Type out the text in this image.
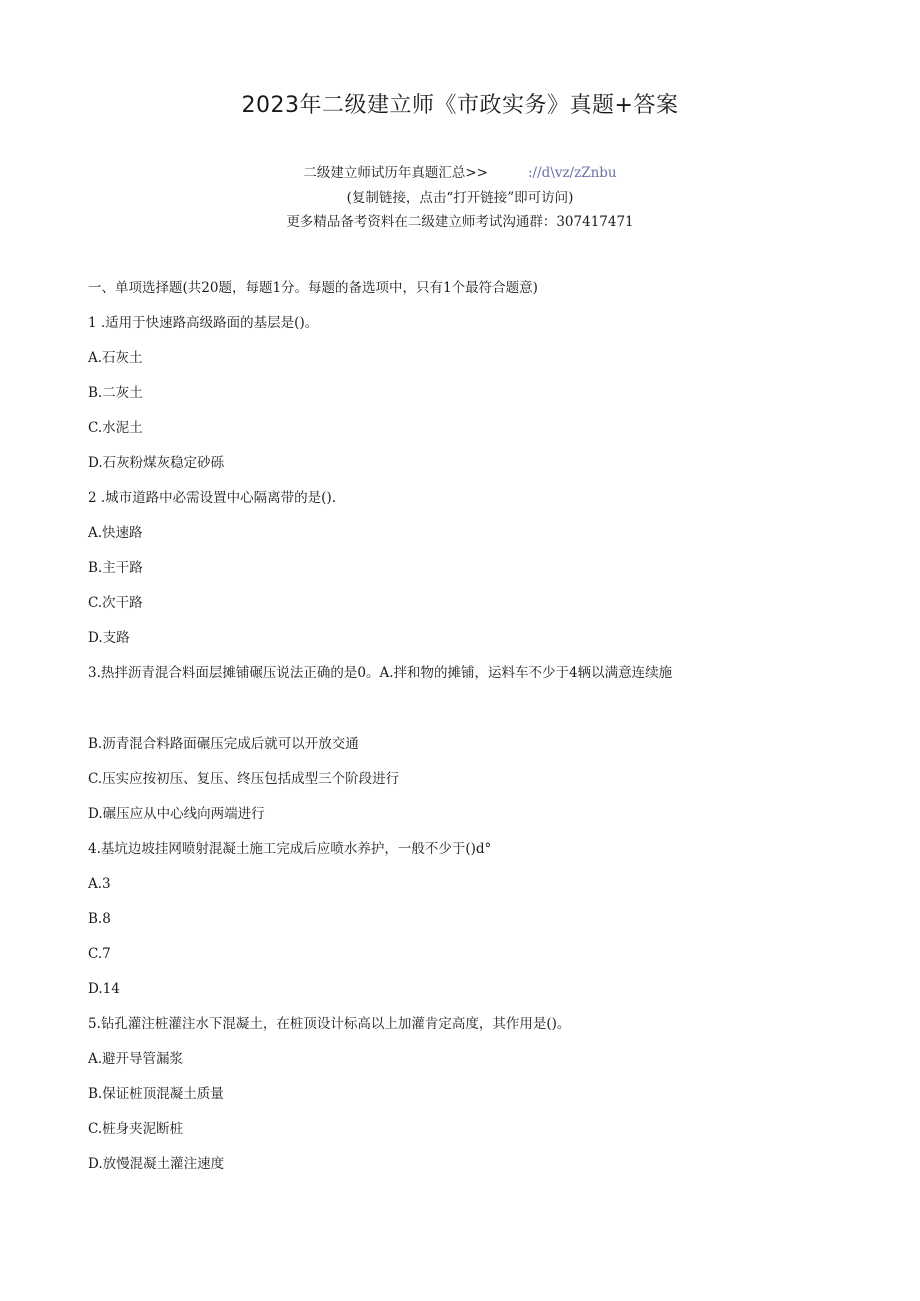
2023年二级建立师《市政实务》真题+答案
二级建立师试历年真题汇总>>	://d\vz/zZnbu
(复制链接，点击“打开链接”即可访问)
更多精品备考资料在二级建立师考试沟通群：307417471
一、单项选择题(共20题，每题1分。每题的备选项中，只有1个最符合题意)
1 .适用于快速路高级路面的基层是()。
A.石灰土
B.二灰土
C.水泥土
D.石灰粉煤灰稳定砂砾
2 .城市道路中必需设置中心隔离带的是().
A.快速路
B.主干路
C.次干路
D.支路
3.热拌沥青混合料面层摊铺碾压说法正确的是0。A.拌和物的摊铺，运料车不少于4辆以满意连续施
B.沥青混合料路面碾压完成后就可以开放交通
C.压实应按初压、复压、终压包括成型三个阶段进行
D.碾压应从中心线向两端进行
4.基坑边坡挂网喷射混凝土施工完成后应喷水养护，一般不少于()d°
A.3
B.8
C.7
D.14
5.钻孔灌注桩灌注水下混凝土，在桩顶设计标高以上加灌肯定高度，其作用是()。
A.避开导管漏浆
B.保证桩顶混凝土质量
C.桩身夹泥断桩
D.放慢混凝土灌注速度
